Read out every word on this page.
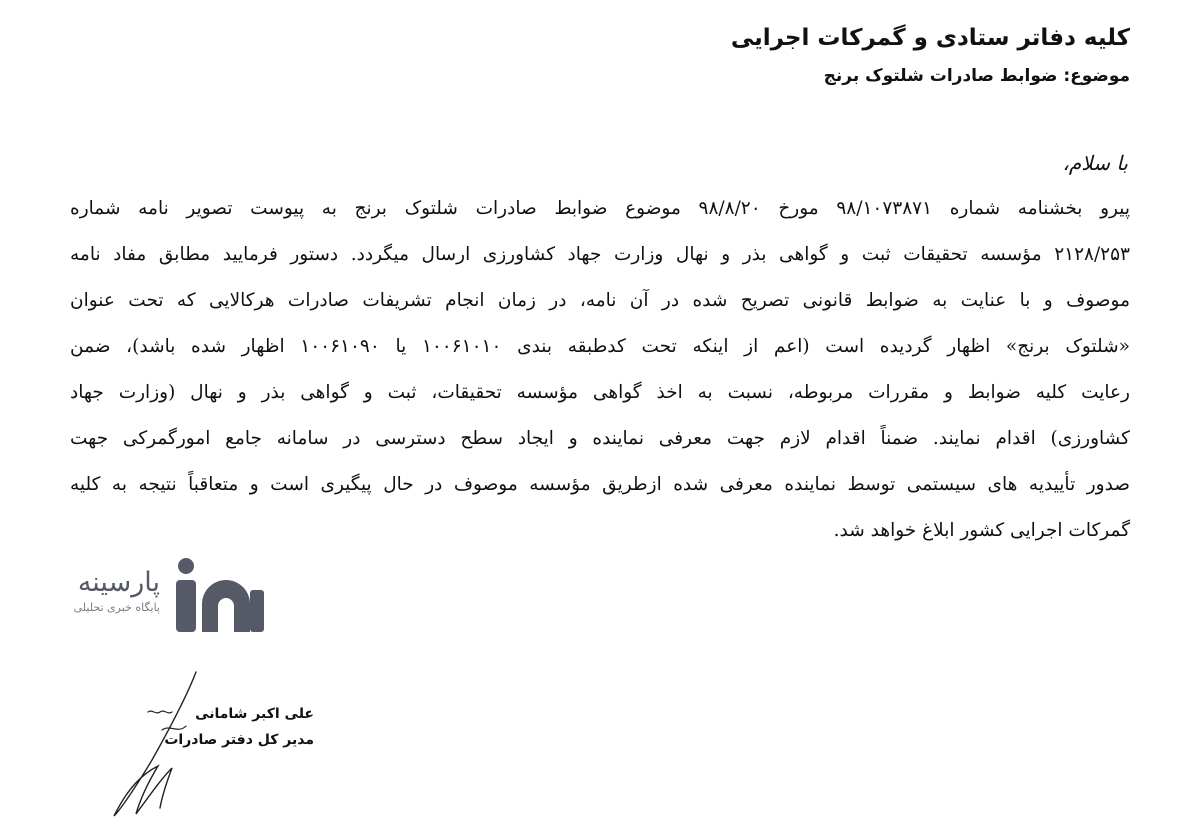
کلیه دفاتر ستادی و گمرکات اجرایی

موضوع: ضوابط صادرات شلتوک برنج

با سلام،
پیرو بخشنامه شماره ۹۸/۱۰۷۳۸۷۱ مورخ ۹۸/۸/۲۰ موضوع ضوابط صادرات شلتوک برنج به پیوست تصویر نامه شماره
۲۱۲۸/۲۵۳ مؤسسه تحقیقات ثبت و گواهی بذر و نهال وزارت جهاد کشاورزی ارسال میگردد. دستور فرمایید مطابق مفاد نامه
موصوف و با عنایت به ضوابط قانونی تصریح شده در آن نامه، در زمان انجام تشریفات صادرات هرکالایی که تحت عنوان
«شلتوک برنج» اظهار گردیده است (اعم از اینکه تحت کدطبقه بندی ۱۰۰۶۱۰۱۰ یا ۱۰۰۶۱۰۹۰ اظهار شده باشد)، ضمن
رعایت کلیه ضوابط و مقررات مربوطه، نسبت به اخذ گواهی مؤسسه تحقیقات، ثبت و گواهی بذر و نهال (وزارت جهاد
کشاورزی) اقدام نمایند. ضمناً اقدام لازم جهت معرفی نماینده و ایجاد سطح دسترسی در سامانه جامع امورگمرکی جهت
صدور تأییدیه های سیستمی توسط نماینده معرفی شده ازطریق مؤسسه موصوف در حال پیگیری است و متعاقباً نتیجه به کلیه
گمرکات اجرایی کشور ابلاغ خواهد شد.
پارسینه
پایگاه خبری تحلیلی
علی اکبر شامانی
مدیر کل دفتر صادرات
